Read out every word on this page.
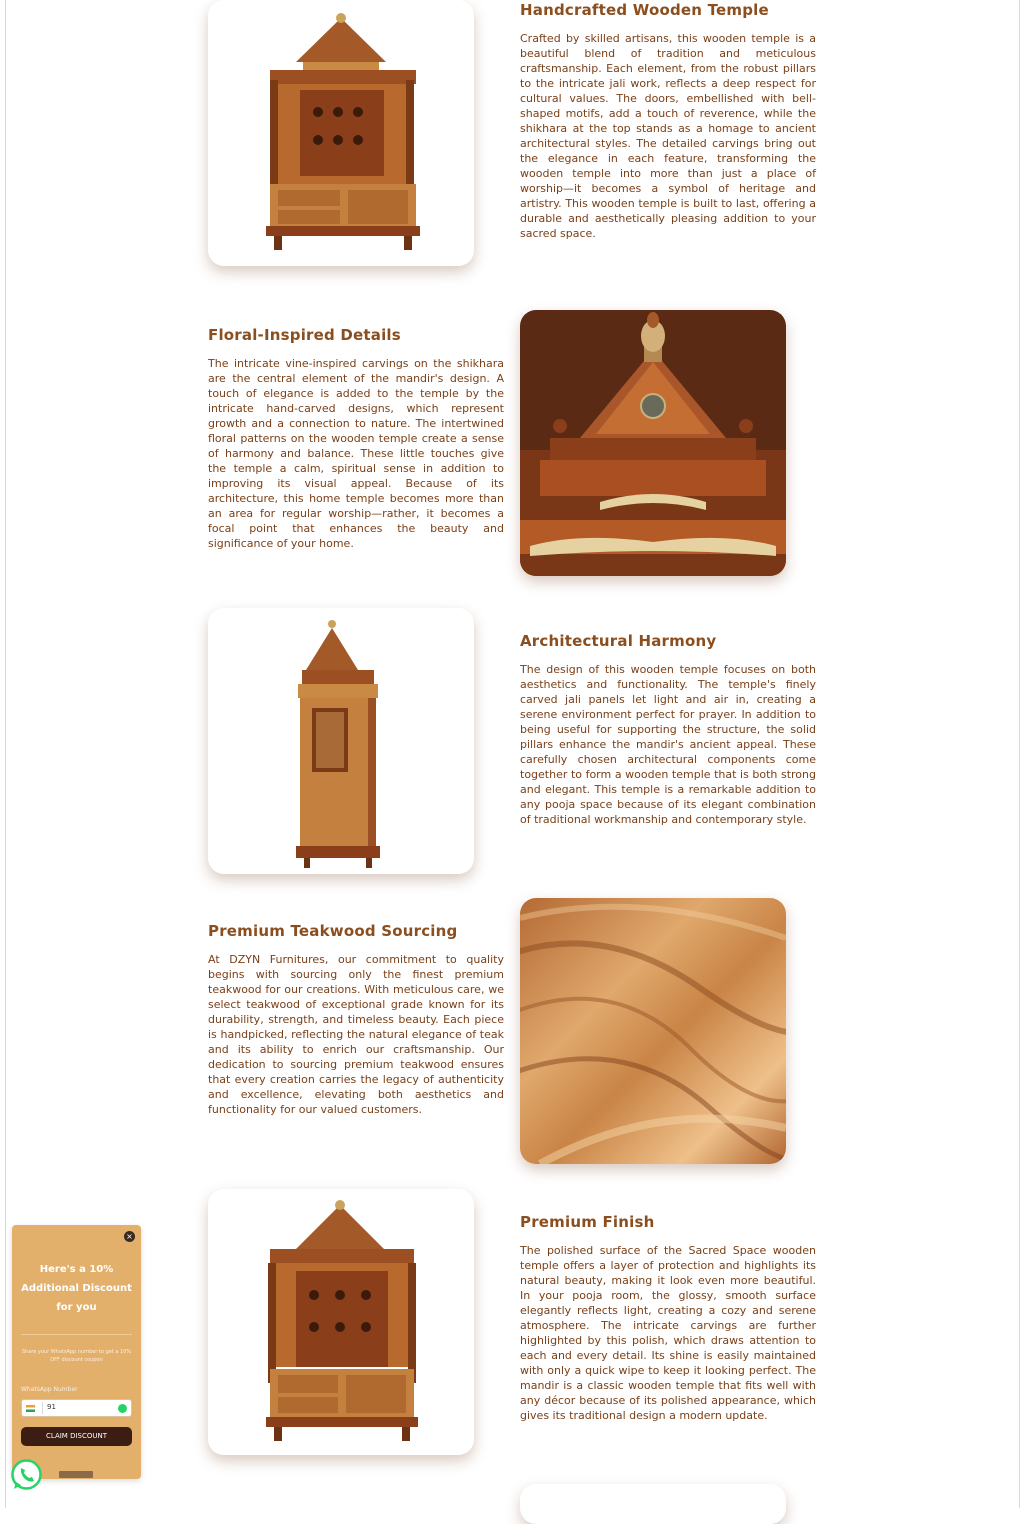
Handcrafted Wooden Temple

Crafted by skilled artisans, this wooden temple is a beautiful blend of tradition and meticulous craftsmanship. Each element, from the robust pillars to the intricate jali work, reflects a deep respect for cultural values. The doors, embellished with bell-shaped motifs, add a touch of reverence, while the shikhara at the top stands as a homage to ancient architectural styles. The detailed carvings bring out the elegance in each feature, transforming the wooden temple into more than just a place of worship—it becomes a symbol of heritage and artistry. This wooden temple is built to last, offering a durable and aesthetically pleasing addition to your sacred space.

Floral-Inspired Details

The intricate vine-inspired carvings on the shikhara are the central element of the mandir's design. A touch of elegance is added to the temple by the intricate hand-carved designs, which represent growth and a connection to nature. The intertwined floral patterns on the wooden temple create a sense of harmony and balance. These little touches give the temple a calm, spiritual sense in addition to improving its visual appeal. Because of its architecture, this home temple becomes more than an area for regular worship—rather, it becomes a focal point that enhances the beauty and significance of your home.

Architectural Harmony

The design of this wooden temple focuses on both aesthetics and functionality. The temple's finely carved jali panels let light and air in, creating a serene environment perfect for prayer. In addition to being useful for supporting the structure, the solid pillars enhance the mandir's ancient appeal. These carefully chosen architectural components come together to form a wooden temple that is both strong and elegant. This temple is a remarkable addition to any pooja space because of its elegant combination of traditional workmanship and contemporary style.

Premium Teakwood Sourcing

At DZYN Furnitures, our commitment to quality begins with sourcing only the finest premium teakwood for our creations. With meticulous care, we select teakwood of exceptional grade known for its durability, strength, and timeless beauty. Each piece is handpicked, reflecting the natural elegance of teak and its ability to enrich our craftsmanship. Our dedication to sourcing premium teakwood ensures that every creation carries the legacy of authenticity and excellence, elevating both aesthetics and functionality for our valued customers.

Premium Finish

The polished surface of the Sacred Space wooden temple offers a layer of protection and highlights its natural beauty, making it look even more beautiful. In your pooja room, the glossy, smooth surface elegantly reflects light, creating a cozy and serene atmosphere. The intricate carvings are further highlighted by this polish, which draws attention to each and every detail. Its shine is easily maintained with only a quick wipe to keep it looking perfect. The mandir is a classic wooden temple that fits well with any décor because of its polished appearance, which gives its traditional design a modern update.

×
Here's a 10% Additional Discount for you
Share your WhatsApp number to get a 10% OFF discount coupon
WhatsApp Number
91
CLAIM DISCOUNT
